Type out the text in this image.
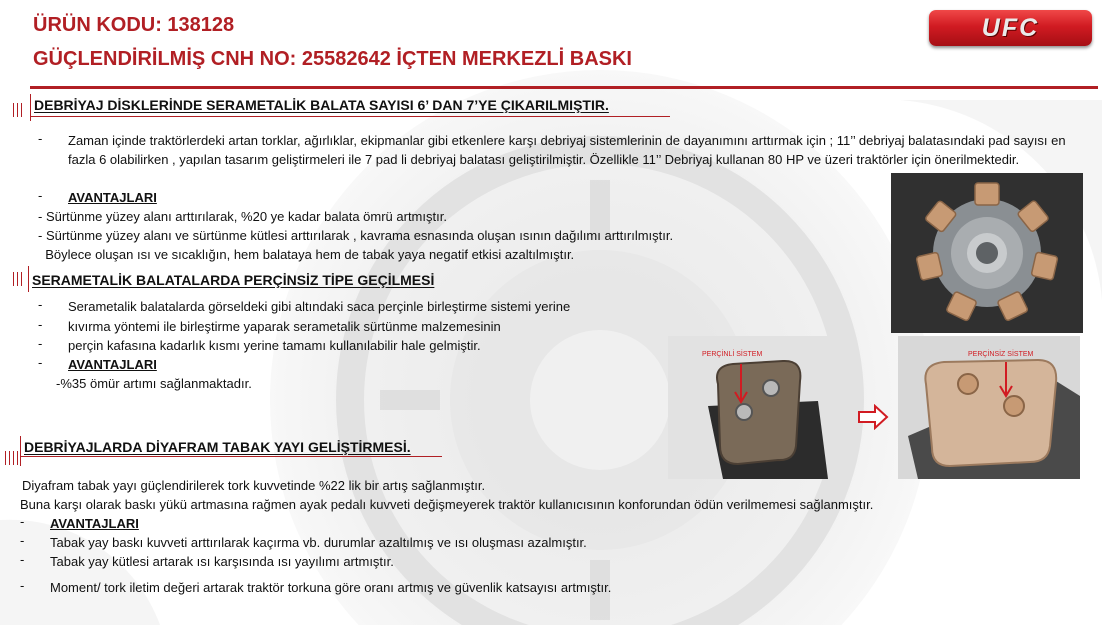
ÜRÜN KODU: 138128
GÜÇLENDİRİLMİŞ CNH NO: 25582642 İÇTEN MERKEZLİ BASKI
UFC
DEBRİYAJ DİSKLERİNDE SERAMETALİK BALATA SAYISI 6’ DAN 7’YE ÇIKARILMIŞTIR.
- Zaman içinde traktörlerdeki artan torklar, ağırlıklar, ekipmanlar gibi etkenlere karşı debriyaj sistemlerinin de dayanımını arttırmak için ; 11’’ debriyaj balatasındaki pad sayısı en fazla 6 olabilirken , yapılan tasarım geliştirmeleri ile 7 pad li debriyaj balatası geliştirilmiştir. Özellikle 11’’ Debriyaj kullanan 80 HP ve üzeri traktörler için önerilmektedir.
- AVANTAJLARI
- Sürtünme yüzey alanı arttırılarak, %20 ye kadar balata ömrü artmıştır.
- Sürtünme yüzey alanı ve sürtünme kütlesi arttırılarak , kavrama esnasında oluşan ısının dağılımı arttırılmıştır.
Böylece oluşan ısı ve sıcaklığın, hem balataya hem de tabak yaya negatif etkisi azaltılmıştır.
SERAMETALİK BALATALARDA PERÇİNSİZ TİPE GEÇİLMESİ
- Serametalik balatalarda görseldeki gibi altındaki saca perçinle birleştirme sistemi yerine
- kıvırma yöntemi ile birleştirme yaparak serametalik sürtünme malzemesinin
- perçin kafasına kadarlık kısmı yerine tamamı kullanılabilir hale gelmiştir.
- AVANTAJLARI
-%35 ömür artımı sağlanmaktadır.
DEBRİYAJLARDA DİYAFRAM TABAK YAYI GELİŞTİRMESİ.
Diyafram tabak yayı güçlendirilerek tork kuvvetinde %22 lik bir artış sağlanmıştır.
Buna karşı olarak baskı yükü artmasına rağmen ayak pedalı kuvveti değişmeyerek traktör kullanıcısının konforundan ödün verilmemesi sağlanmıştır.
- AVANTAJLARI
- Tabak yay baskı kuvveti arttırılarak kaçırma vb. durumlar azaltılmış ve ısı oluşması azalmıştır.
- Tabak yay kütlesi artarak ısı karşısında ısı yayılımı artmıştır.
- Moment/ tork iletim değeri artarak traktör torkuna göre oranı artmış ve güvenlik katsayısı artmıştır.
PERÇİNLİ SİSTEM	PERÇİNSİZ SİSTEM
